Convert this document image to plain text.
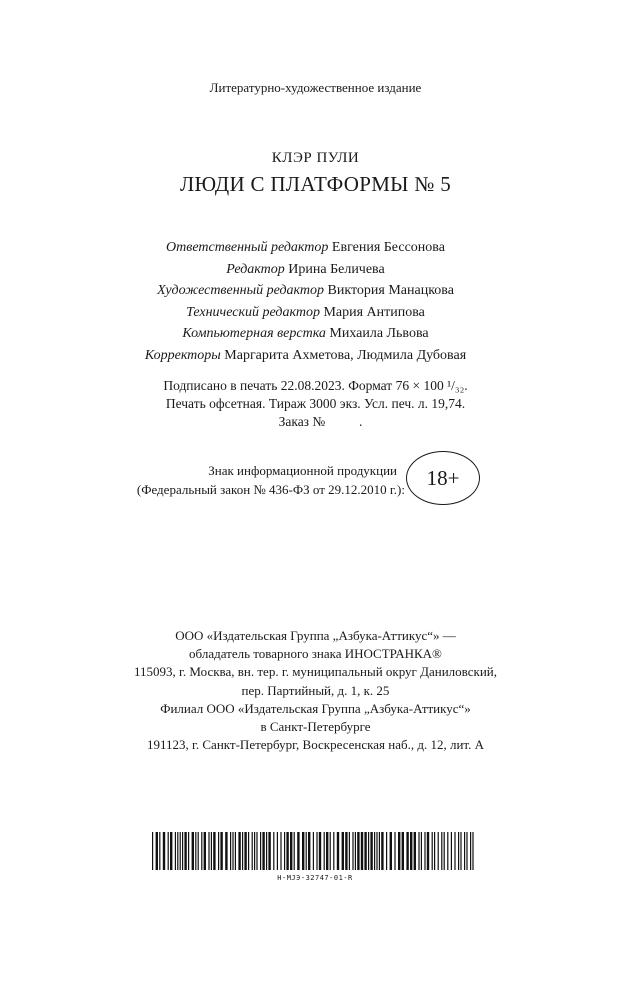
Литературно-художественное издание
КЛЭР ПУЛИ
ЛЮДИ С ПЛАТФОРМЫ № 5
Ответственный редактор Евгения Бессонова
Редактор Ирина Беличева
Художественный редактор Виктория Манацкова
Технический редактор Мария Антипова
Компьютерная верстка Михаила Львова
Корректоры Маргарита Ахметова, Людмила Дубовая
Подписано в печать 22.08.2023. Формат 76 × 100 ¹/₃₂.
Печать офсетная. Тираж 3000 экз. Усл. печ. л. 19,74.
Заказ №          .
Знак информационной продукции
(Федеральный закон № 436-ФЗ от 29.12.2010 г.):	18+
ООО «Издательская Группа „Азбука-Аттикус“» —
обладатель товарного знака ИНОСТРАНКА®
115093, г. Москва, вн. тер. г. муниципальный округ Даниловский,
пер. Партийный, д. 1, к. 25
Филиал ООО «Издательская Группа „Азбука-Аттикус“»
в Санкт-Петербурге
191123, г. Санкт-Петербург, Воскресенская наб., д. 12, лит. А
Н-МJЭ-32747-01-R
